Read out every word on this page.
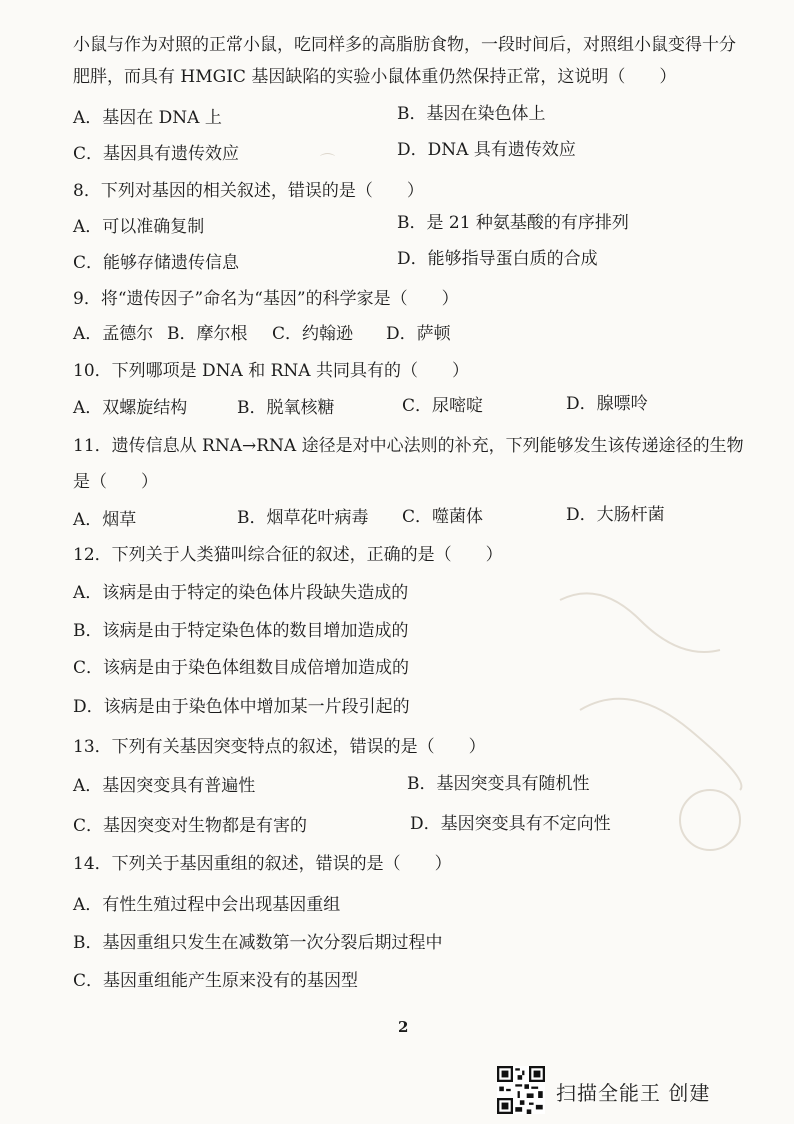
⌒
小鼠与作为对照的正常小鼠，吃同样多的高脂肪食物，一段时间后，对照组小鼠变得十分
肥胖，而具有 HMGIC 基因缺陷的实验小鼠体重仍然保持正常，这说明（　　）
A．基因在 DNA 上	B．基因在染色体上
C．基因具有遗传效应	D．DNA 具有遗传效应
8．下列对基因的相关叙述，错误的是（　　）
A．可以准确复制	B．是 21 种氨基酸的有序排列
C．能够存储遗传信息	D．能够指导蛋白质的合成
9．将“遗传因子”命名为“基因”的科学家是（　　）
A．孟德尔 B．摩尔根 C．约翰逊 D．萨顿
10．下列哪项是 DNA 和 RNA 共同具有的（　　）
A．双螺旋结构	B．脱氧核糖	C．尿嘧啶	D．腺嘌呤
11．遗传信息从 RNA→RNA 途径是对中心法则的补充，下列能够发生该传递途径的生物
是（　　）
A．烟草	B．烟草花叶病毒 C．噬菌体	D．大肠杆菌
12．下列关于人类猫叫综合征的叙述，正确的是（　　）
A．该病是由于特定的染色体片段缺失造成的
B．该病是由于特定染色体的数目增加造成的
C．该病是由于染色体组数目成倍增加造成的
D．该病是由于染色体中增加某一片段引起的
13．下列有关基因突变特点的叙述，错误的是（　　）
A．基因突变具有普遍性	B．基因突变具有随机性
C．基因突变对生物都是有害的	D．基因突变具有不定向性
14．下列关于基因重组的叙述，错误的是（　　）
A．有性生殖过程中会出现基因重组
B．基因重组只发生在减数第一次分裂后期过程中
C．基因重组能产生原来没有的基因型
2
扫描全能王 创建
